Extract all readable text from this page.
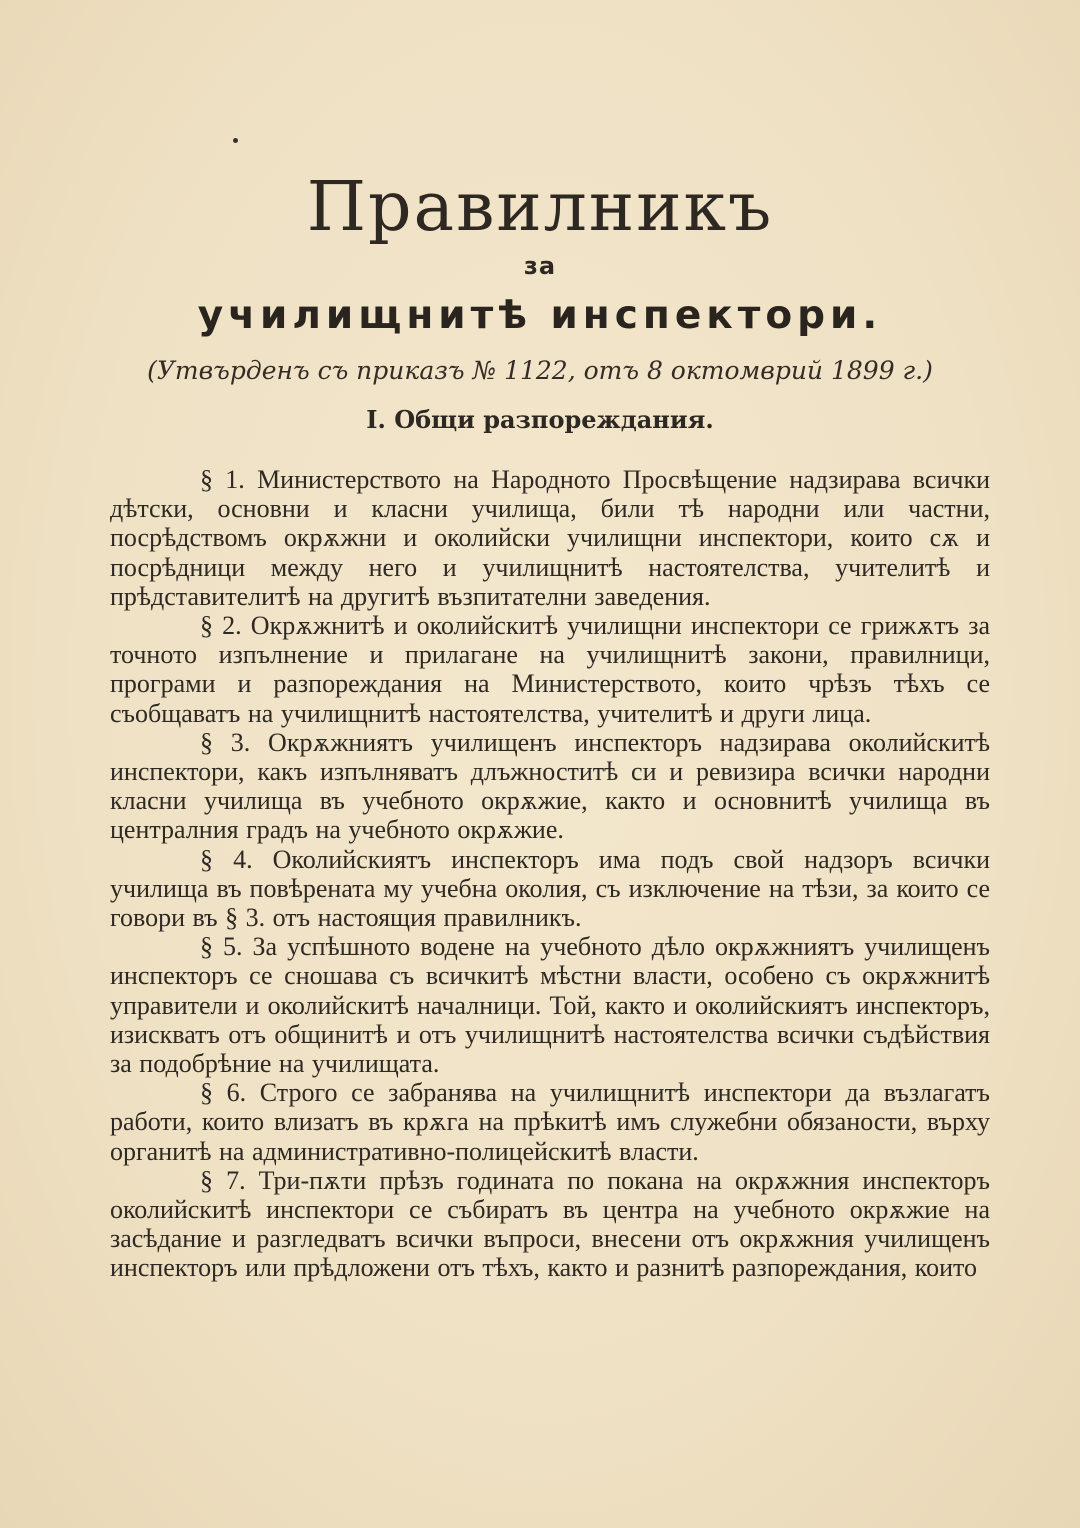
Правилникъ
за
училищнитѣ инспектори.
(Утвърденъ съ приказъ № 1122, отъ 8 октомврий 1899 г.)
I. Общи разпореждания.

§ 1. Министерството на Народното Просвѣщение надзирава всички дѣтски, основни и класни училища, били тѣ народни или частни, посрѣдствомъ окрѫжни и околийски училищни инспектори, които сѫ и посрѣдници между него и училищнитѣ настоятелства, учителитѣ и прѣдставителитѣ на другитѣ възпитателни заведения.

§ 2. Окрѫжнитѣ и околийскитѣ училищни инспектори се грижѫтъ за точното изпълнение и прилагане на училищнитѣ закони, правилници, програми и разпореждания на Министерството, които чрѣзъ тѣхъ се съобщаватъ на училищнитѣ настоятелства, учителитѣ и други лица.

§ 3. Окрѫжниятъ училищенъ инспекторъ надзирава околийскитѣ инспектори, какъ изпълняватъ длъжноститѣ си и ревизира всички народни класни училища въ учебното окрѫжие, както и основнитѣ училища въ централния градъ на учебното окрѫжие.

§ 4. Околийскиятъ инспекторъ има подъ свой надзоръ всички училища въ повѣрената му учебна околия, съ изключение на тѣзи, за които се говори въ § 3. отъ настоящия правилникъ.

§ 5. За успѣшното водене на учебното дѣло окрѫжниятъ училищенъ инспекторъ се сношава съ всичкитѣ мѣстни власти, особено съ окрѫжнитѣ управители и околийскитѣ началници. Той, както и околийскиятъ инспекторъ, изискватъ отъ общинитѣ и отъ училищнитѣ настоятелства всички съдѣйствия за подобрѣние на училищата.

§ 6. Строго се забранява на училищнитѣ инспектори да възлагатъ работи, които влизатъ въ крѫга на прѣкитѣ имъ служебни обязаности, върху органитѣ на административно-полицейскитѣ власти.

§ 7. Три-пѫти прѣзъ годината по покана на окрѫжния инспекторъ околийскитѣ инспектори се събиратъ въ центра на учебното окрѫжие на засѣдание и разгледватъ всички въпроси, внесени отъ окрѫжния училищенъ инспекторъ или прѣдложени отъ тѣхъ, както и разнитѣ разпореждания, които
